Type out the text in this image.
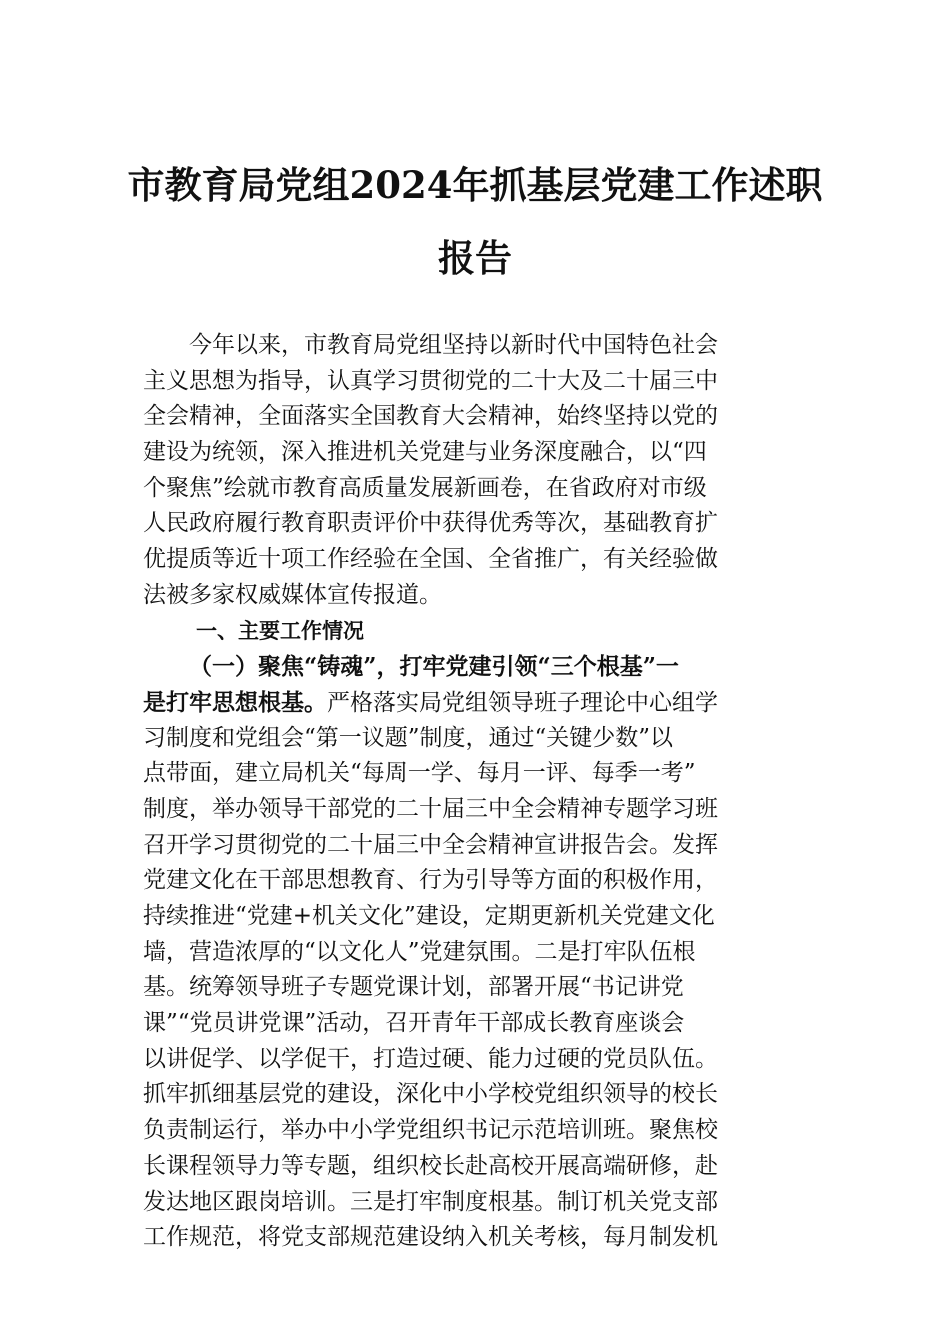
市教育局党组2024年抓基层党建工作述职
报告
今年以来，市教育局党组坚持以新时代中国特色社会
主义思想为指导，认真学习贯彻党的二十大及二十届三中
全会精神，全面落实全国教育大会精神，始终坚持以党的
建设为统领，深入推进机关党建与业务深度融合，以“四
个聚焦”绘就市教育高质量发展新画卷，在省政府对市级
人民政府履行教育职责评价中获得优秀等次，基础教育扩
优提质等近十项工作经验在全国、全省推广，有关经验做
法被多家权威媒体宣传报道。
一、主要工作情况
（一）聚焦“铸魂”，打牢党建引领“三个根基”一
是打牢思想根基。严格落实局党组领导班子理论中心组学
习制度和党组会“第一议题”制度，通过“关键少数”以
点带面，建立局机关“每周一学、每月一评、每季一考”
制度，举办领导干部党的二十届三中全会精神专题学习班
召开学习贯彻党的二十届三中全会精神宣讲报告会。发挥
党建文化在干部思想教育、行为引导等方面的积极作用，
持续推进“党建+机关文化”建设，定期更新机关党建文化
墙，营造浓厚的“以文化人”党建氛围。二是打牢队伍根
基。统筹领导班子专题党课计划，部署开展“书记讲党
课”“党员讲党课”活动，召开青年干部成长教育座谈会
以讲促学、以学促干，打造过硬、能力过硬的党员队伍。
抓牢抓细基层党的建设，深化中小学校党组织领导的校长
负责制运行，举办中小学党组织书记示范培训班。聚焦校
长课程领导力等专题，组织校长赴高校开展高端研修，赴
发达地区跟岗培训。三是打牢制度根基。制订机关党支部
工作规范，将党支部规范建设纳入机关考核，每月制发机
